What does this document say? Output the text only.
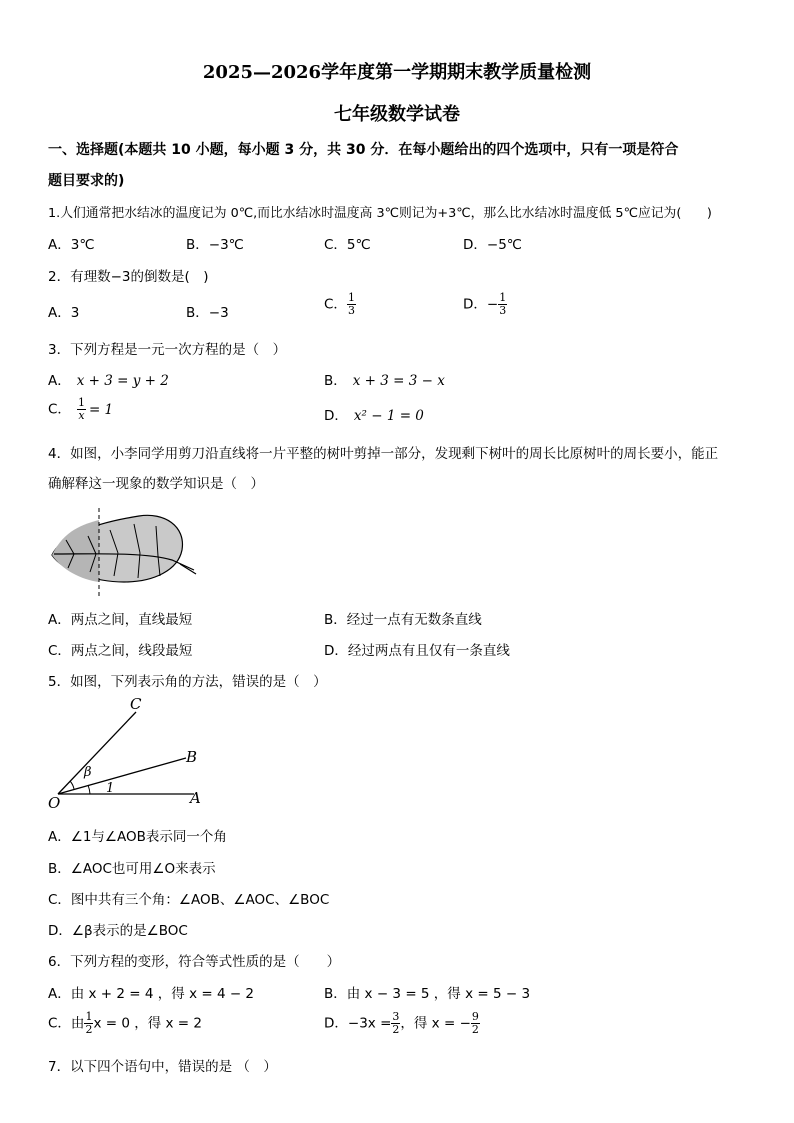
2025—2026学年度第一学期期末教学质量检测
七年级数学试卷
一、选择题(本题共 10 小题，每小题 3 分，共 30 分．在每小题给出的四个选项中，只有一项是符合
题目要求的)
1.人们通常把水结冰的温度记为 0℃,而比水结冰时温度高 3℃则记为+3℃，那么比水结冰时温度低 5℃应记为(　　)
A．3℃	B．−3℃	C．5℃	D．−5℃
2．有理数−3的倒数是(　)
A．3	B．−3
C． $\frac{1}{3}$	D．− $\frac{1}{3}$
3．下列方程是一元一次方程的是（　）
A． x + 3 = y + 2	B． x + 3 = 3 − x
C． $\frac{1}{x} = 1$	D． x² − 1 = 0
4．如图，小李同学用剪刀沿直线将一片平整的树叶剪掉一部分，发现剩下树叶的周长比原树叶的周长要小，能正
确解释这一现象的数学知识是（　）
A．两点之间，直线最短	B．经过一点有无数条直线
C．两点之间，线段最短	D．经过两点有且仅有一条直线
5．如图，下列表示角的方法，错误的是（　）
C
B
O	A
β
1
A．∠1与∠AOB表示同一个角
B．∠AOC也可用∠O来表示
C．图中共有三个角：∠AOB、∠AOC、∠BOC
D．∠β表示的是∠BOC
6．下列方程的变形，符合等式性质的是（　　）
A．由 x + 2 = 4 ，得 x = 4 − 2	B．由 x − 3 = 5 ，得 x = 5 − 3
C．由 $\frac{1}{2}$ x = 0 ，得 x = 2	D．$-3x = \frac{3}{2}$ ，得 x = − $\frac{9}{2}$
7．以下四个语句中，错误的是 （　）
